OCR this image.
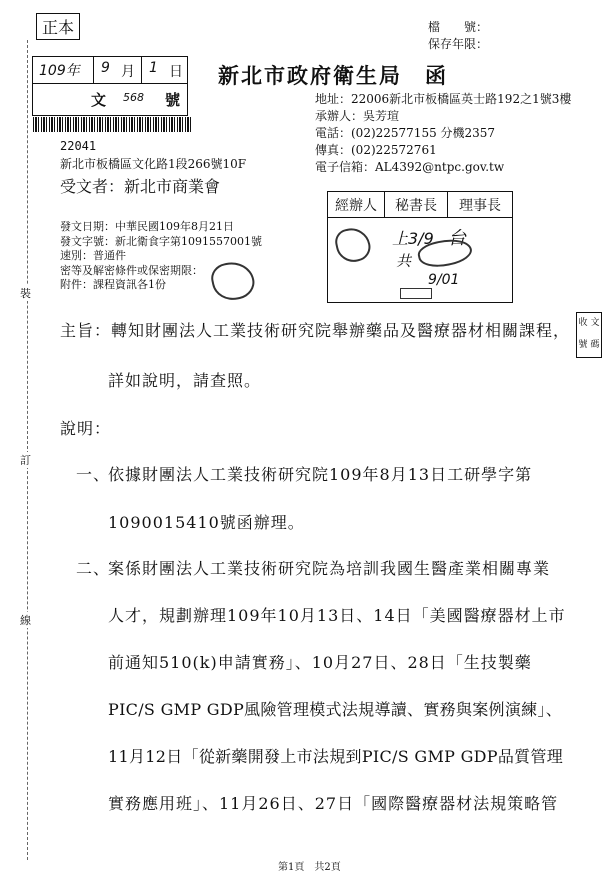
裝
訂
線
正本	檔　　號：
保存年限：
109年 9 月 1 日
文 568 號
新北市政府衛生局　函
地址：22006新北市板橋區英士路192之1號3樓
承辦人：吳芳瑄
電話：(02)22577155 分機2357
傳真：(02)22572761
電子信箱：AL4392@ntpc.gov.tw
22041
新北市板橋區文化路1段266號10F
受文者：新北市商業會
經辦人	秘書長	理事長
上3/9 台
共
9/01
發文日期：中華民國109年8月21日
發文字號：新北衛食字第1091557001號
速別：普通件
密等及解密條件或保密期限：
附件：課程資訊各1份
收 文
號 碼
主旨：轉知財團法人工業技術研究院舉辦藥品及醫療器材相關課程，
詳如說明，請查照。
說明：
一、
依據財團法人工業技術研究院109年8月13日工研學字第
1090015410號函辦理。
二、
案係財團法人工業技術研究院為培訓我國生醫產業相關專業
人才，規劃辦理109年10月13日、14日「美國醫療器材上市
前通知510(k)申請實務」、10月27日、28日「生技製藥
PIC/S GMP GDP風險管理模式法規導讀、實務與案例演練」、
11月12日「從新藥開發上市法規到PIC/S GMP GDP品質管理
實務應用班」、11月26日、27日「國際醫療器材法規策略管
第1頁　共2頁
